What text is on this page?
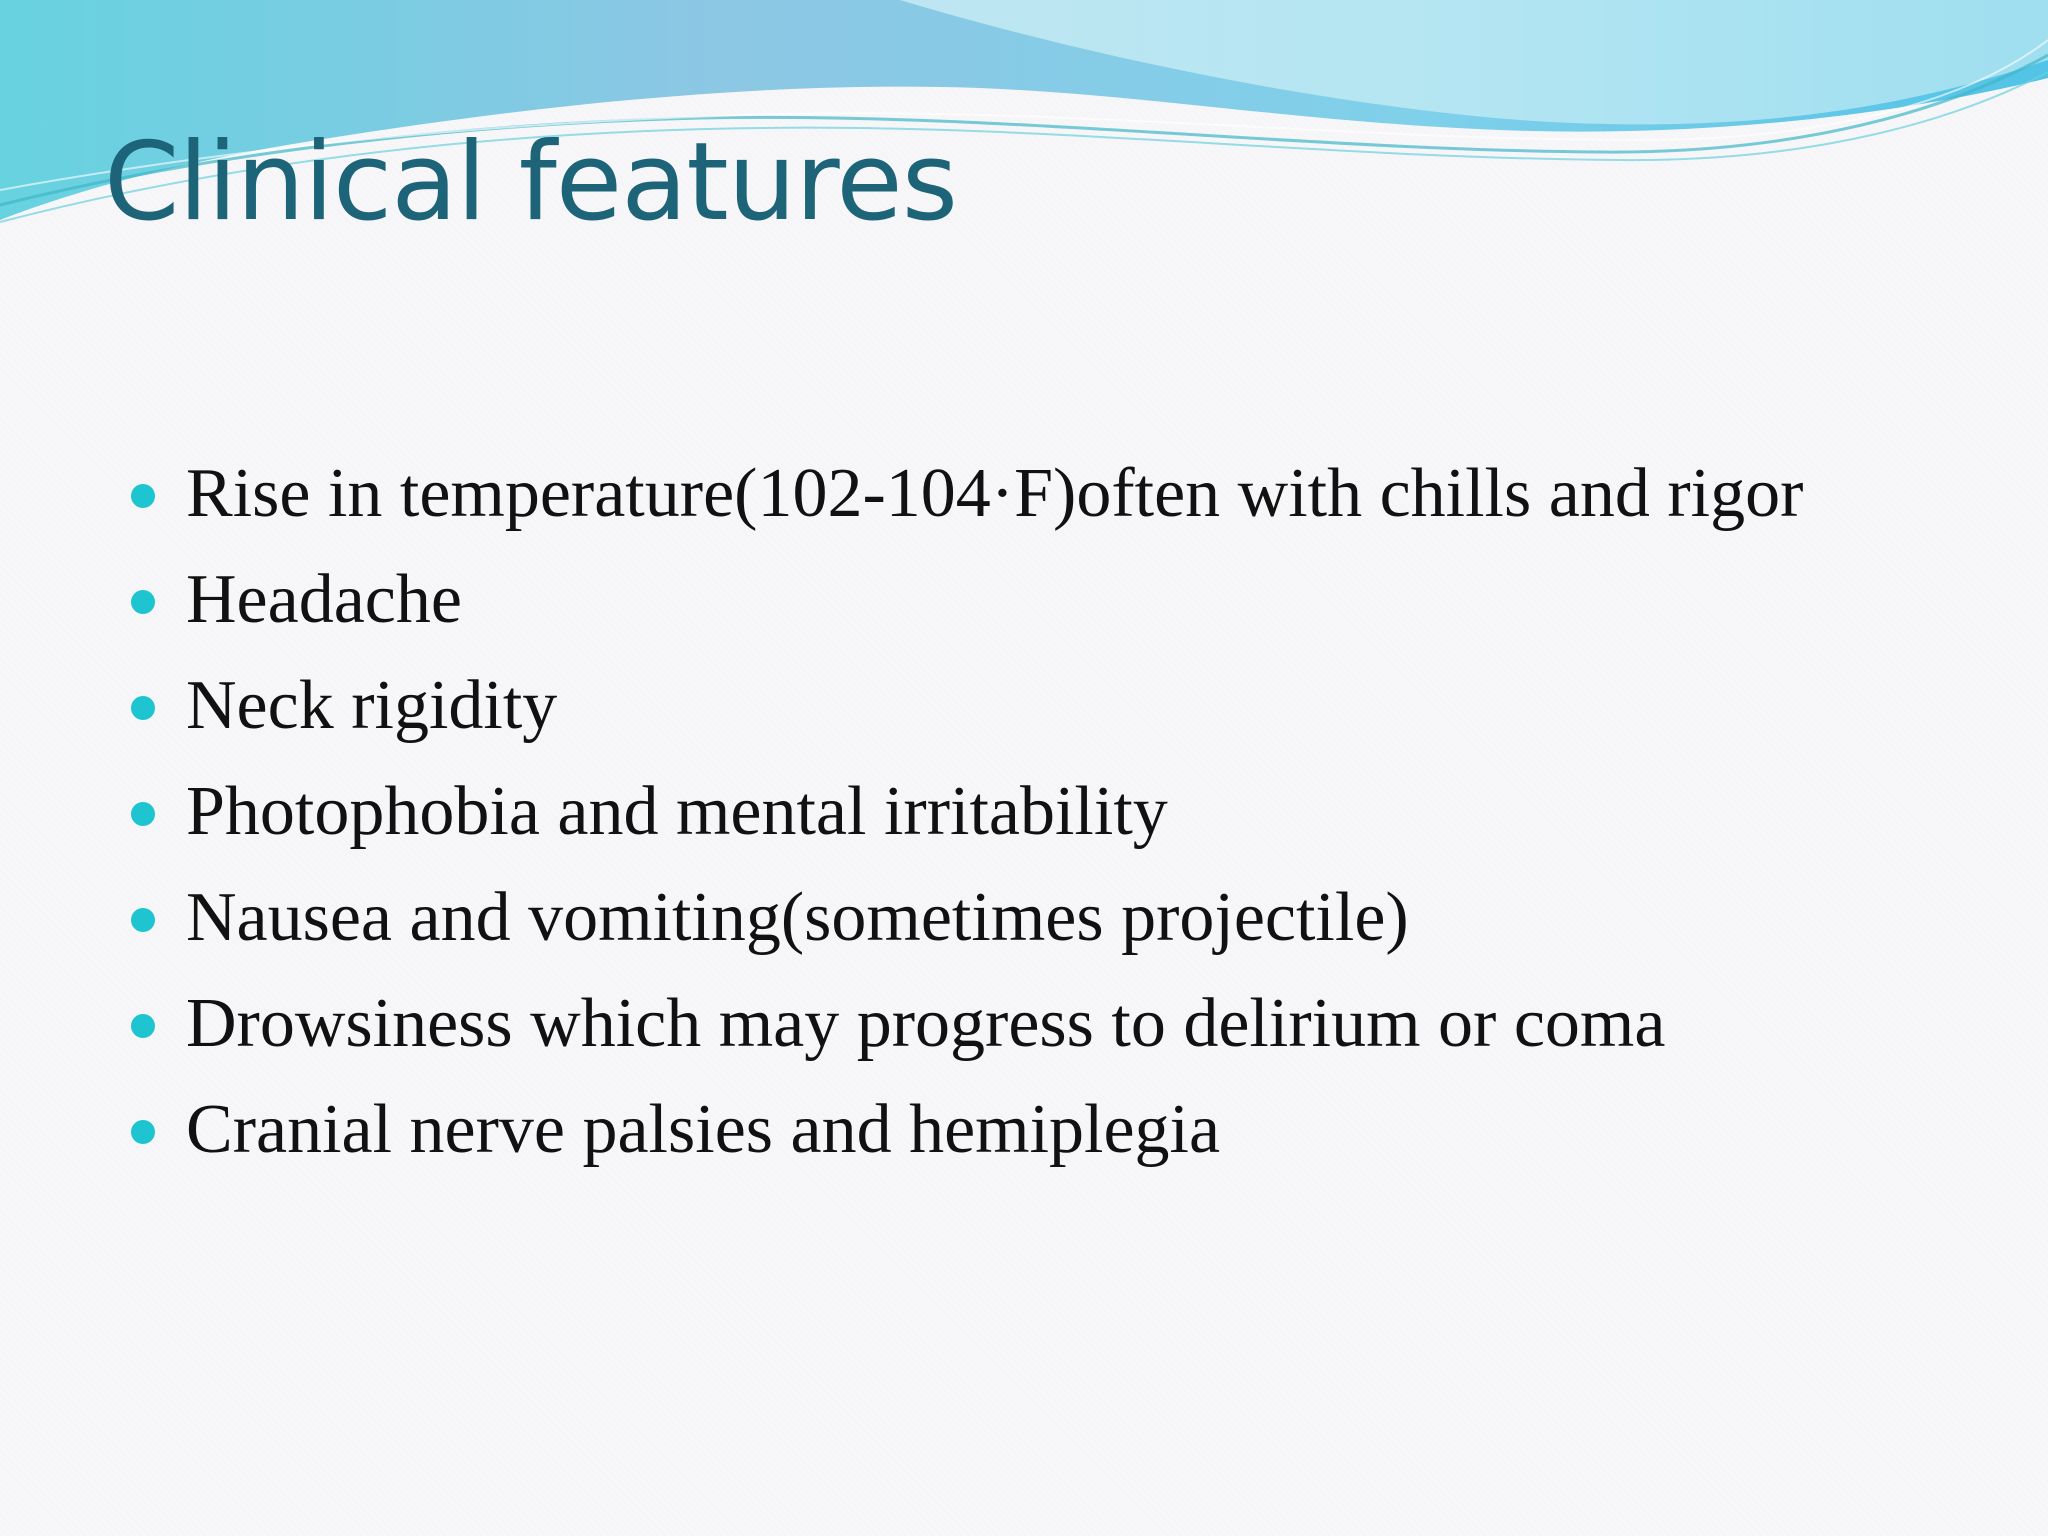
Clinical features
Rise in temperature(102-104·F)often with chills and rigor
Headache
Neck rigidity
Photophobia and mental irritability
Nausea and vomiting(sometimes projectile)
Drowsiness which may progress to delirium or coma
Cranial nerve palsies and hemiplegia
